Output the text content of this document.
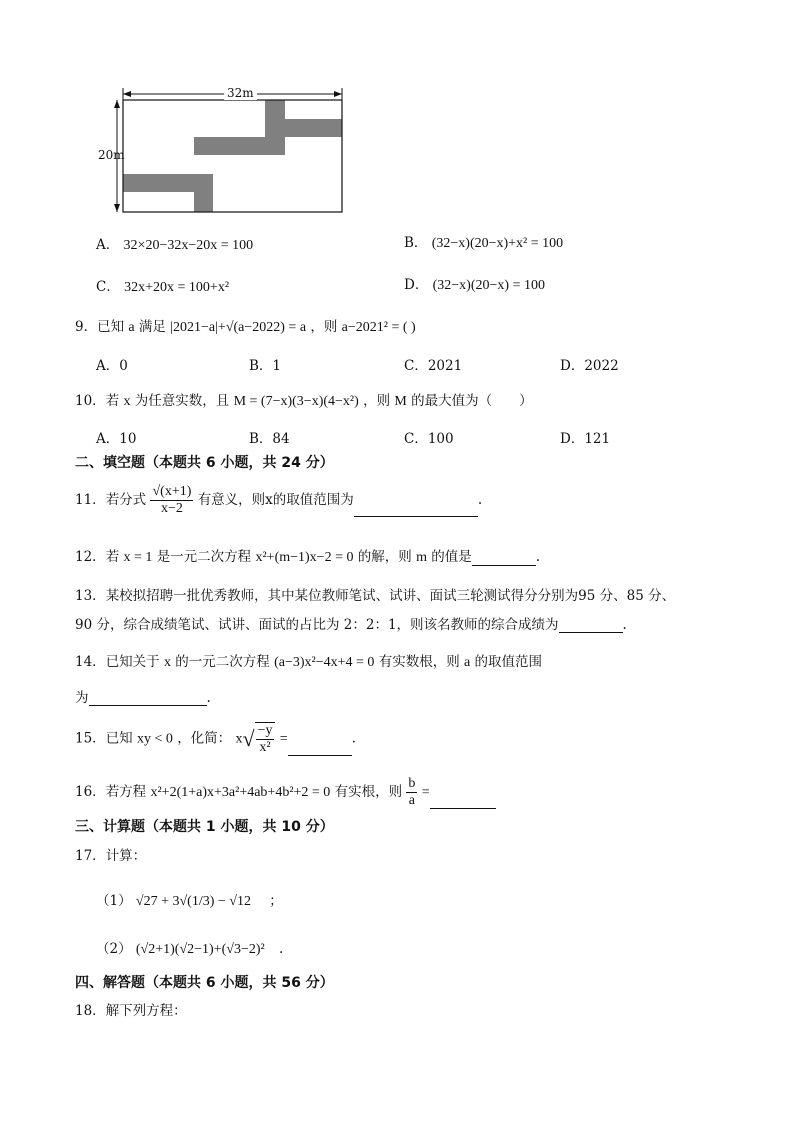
32m
20m
A． 32×20−32x−20x = 100	B． (32−x)(20−x)+x² = 100
C． 32x+20x = 100+x²	D． (32−x)(20−x) = 100
9．已知 a 满足 |2021−a|+√(a−2022) = a ，则 a−2021² = ( )
A．0	B．1	C．2021	D．2022
10．若 x 为任意实数，且 M = (7−x)(3−x)(4−x²) ，则 M 的最大值为（　　）
A．10	B．84	C．100	D．121
二、填空题（本题共 6 小题，共 24 分）
11．若分式 $\frac{√(x+1)}{x-2}$ 有意义，则x的取值范围为	.
12．若 x = 1 是一元二次方程 x²+(m−1)x−2 = 0 的解，则 m 的值是	.
13．某校拟招聘一批优秀教师，其中某位教师笔试、试讲、面试三轮测试得分分别为95 分、85 分、
90 分，综合成绩笔试、试讲、面试的占比为 2：2：1，则该名教师的综合成绩为	.
14．已知关于 x 的一元二次方程 (a−3)x²−4x+4 = 0 有实数根，则 a 的取值范围
为	.
15．已知 xy < 0 ，化简： $x√ \frac{-y}{\text{x²}}$ =	.
16．若方程 x²+2(1+a)x+3a²+4ab+4b²+2 = 0 有实根，则 $\frac{b}{a}$ =
三、计算题（本题共 1 小题，共 10 分）
17．计算：
（1） √27 + 3√(1/3) − √12 ；
（2） (√2+1)(√2−1)+(√3−2)² .
四、解答题（本题共 6 小题，共 56 分）
18．解下列方程：
